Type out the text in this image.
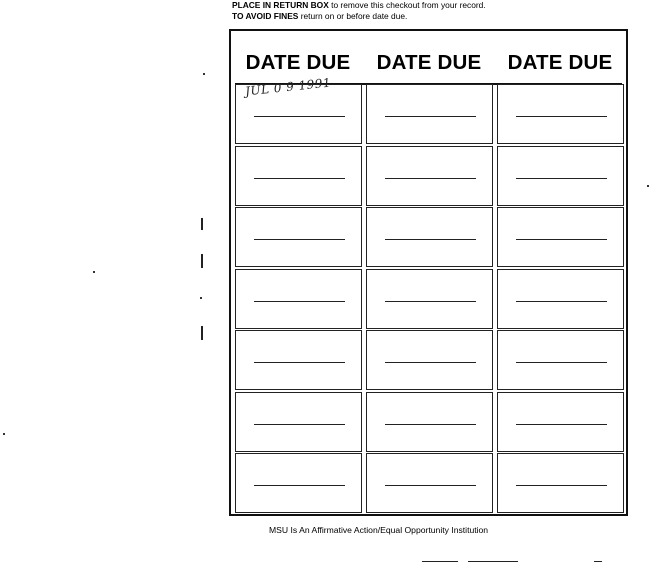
PLACE IN RETURN BOX to remove this checkout from your record.
TO AVOID FINES return on or before date due.
DATE DUE	DATE DUE	DATE DUE
JUL 0 9 1991
MSU Is An Affirmative Action/Equal Opportunity Institution
